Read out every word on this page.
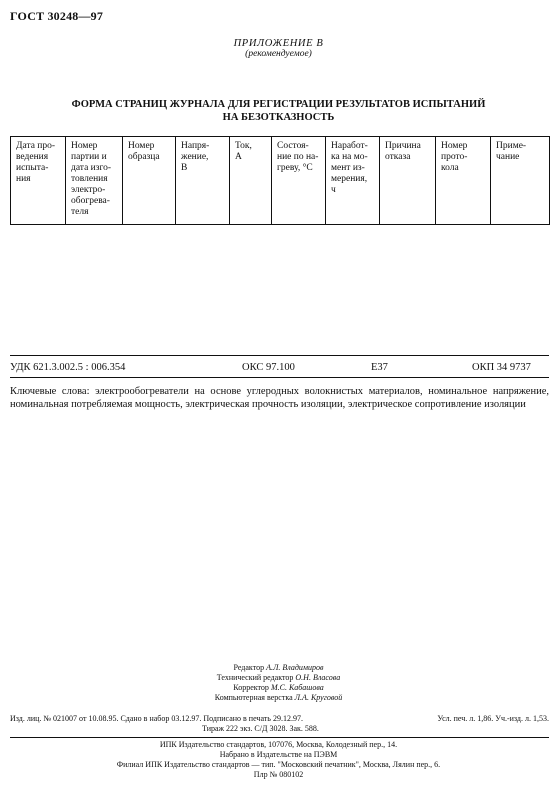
ГОСТ 30248—97
ПРИЛОЖЕНИЕ В
(рекомендуемое)
ФОРМА СТРАНИЦ ЖУРНАЛА ДЛЯ РЕГИСТРАЦИИ РЕЗУЛЬТАТОВ ИСПЫТАНИЙ
НА БЕЗОТКАЗНОСТЬ
Дата про-
ведения
испыта-
ния	Номер
партии и
дата изго-
товления
электро-
обогрева-
теля	Номер
образца	Напря-
жение,
В	Ток,
А	Состоя-
ние по на-
греву, °С	Наработ-
ка на мо-
мент из-
мерения,
ч	Причина
отказа	Номер
прото-
кола	Приме-
чание
УДК 621.3.002.5 : 006.354	ОКС 97.100	Е37	ОКП 34 9737
Ключевые слова: электрообогреватели на основе углеродных волокнистых материалов, номинальное напряжение, номинальная потребляемая мощность, электрическая прочность изоляции, электрическое сопротивление изоляции
Редактор А.Л. Владимиров
Технический редактор О.Н. Власова
Корректор М.С. Кабашова
Компьютерная верстка Л.А. Круговой
Изд. лиц. № 021007 от 10.08.95. Сдано в набор 03.12.97. Подписано в печать 29.12.97.	Усл. печ. л. 1,86. Уч.-изд. л. 1,53.
Тираж 222 экз. С/Д 3028. Зак. 588.
ИПК Издательство стандартов, 107076, Москва, Колодезный пер., 14.
Набрано в Издательстве на ПЭВМ
Филиал ИПК Издательство стандартов — тип. "Московский печатник", Москва, Лялин пер., 6.
Плр № 080102
